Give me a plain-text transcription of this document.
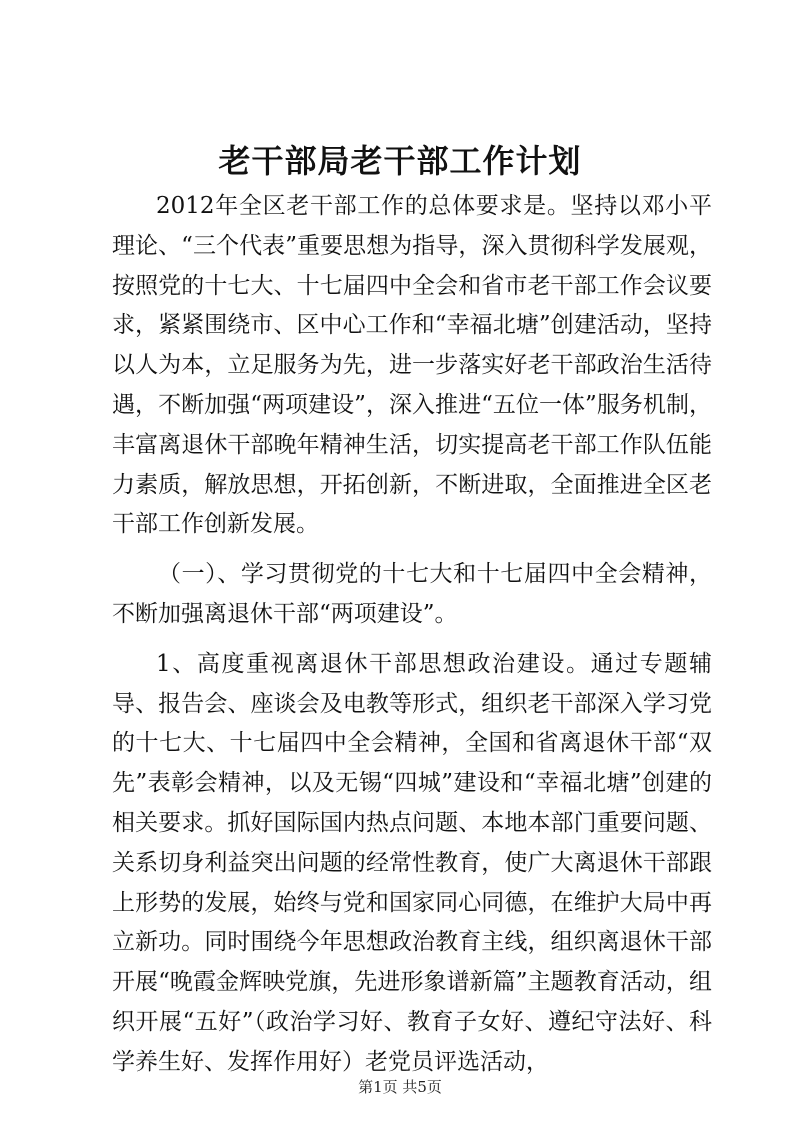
老干部局老干部工作计划

2012年全区老干部工作的总体要求是。坚持以邓小平理论、“三个代表”重要思想为指导，深入贯彻科学发展观，按照党的十七大、十七届四中全会和省市老干部工作会议要求，紧紧围绕市、区中心工作和“幸福北塘”创建活动，坚持以人为本，立足服务为先，进一步落实好老干部政治生活待遇，不断加强“两项建设”，深入推进“五位一体”服务机制，丰富离退休干部晚年精神生活，切实提高老干部工作队伍能力素质，解放思想，开拓创新，不断进取，全面推进全区老干部工作创新发展。

（一）、学习贯彻党的十七大和十七届四中全会精神，不断加强离退休干部“两项建设”。

1、高度重视离退休干部思想政治建设。通过专题辅导、报告会、座谈会及电教等形式，组织老干部深入学习党的十七大、十七届四中全会精神，全国和省离退休干部“双先”表彰会精神，以及无锡“四城”建设和“幸福北塘”创建的相关要求。抓好国际国内热点问题、本地本部门重要问题、关系切身利益突出问题的经常性教育，使广大离退休干部跟上形势的发展，始终与党和国家同心同德，在维护大局中再立新功。同时围绕今年思想政治教育主线，组织离退休干部开展“晚霞金辉映党旗，先进形象谱新篇”主题教育活动，组织开展“五好”（政治学习好、教育子女好、遵纪守法好、科学养生好、发挥作用好）老党员评选活动，

第1页 共5页
